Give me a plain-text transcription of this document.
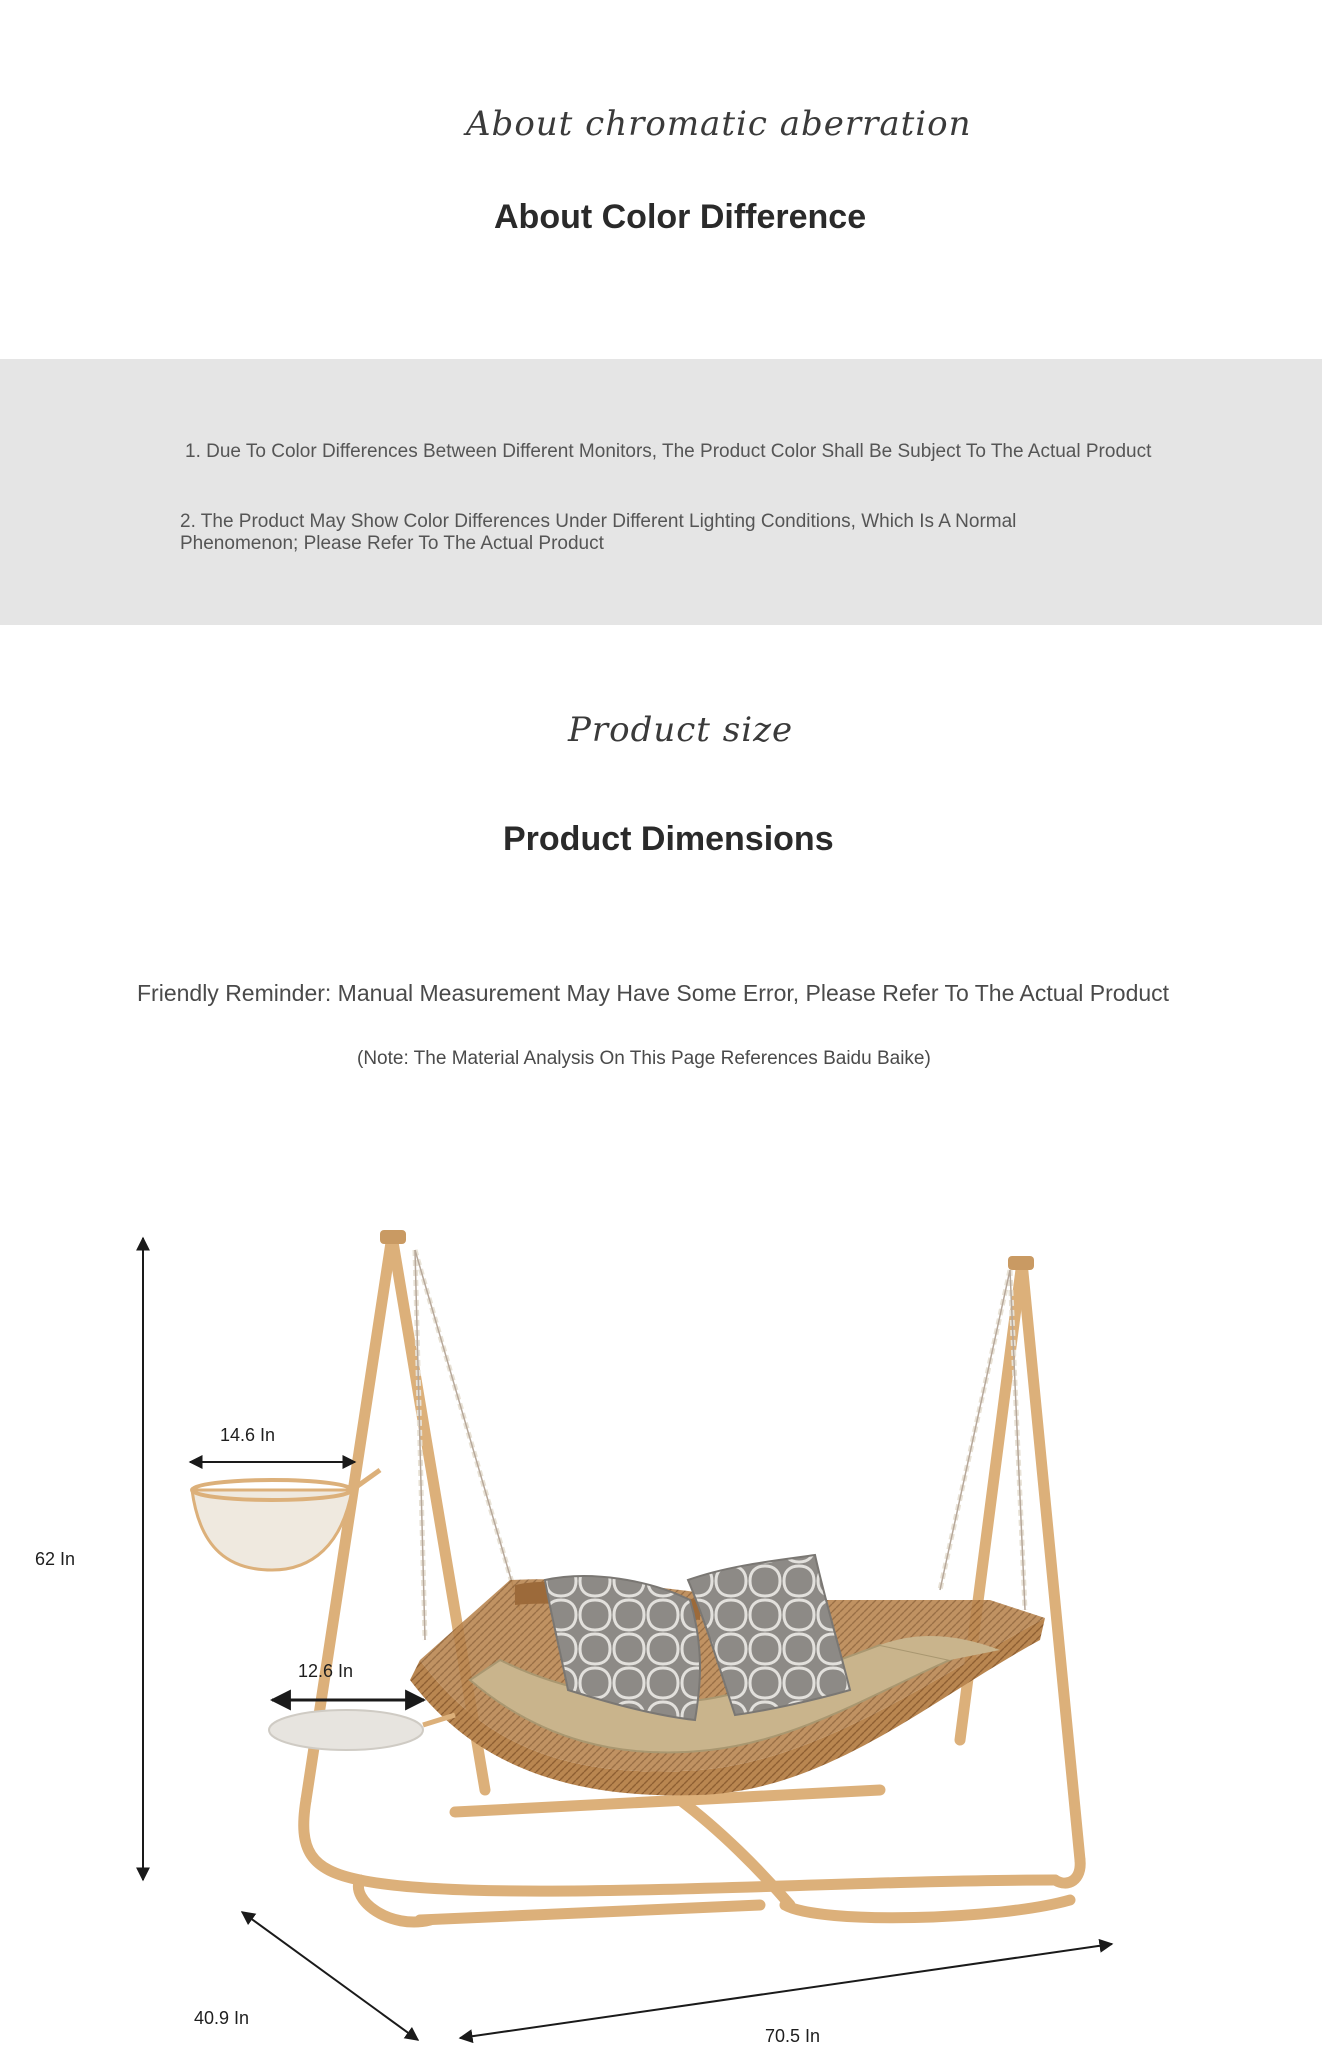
About chromatic aberration
About Color Difference
1. Due To Color Differences Between Different Monitors, The Product Color Shall Be Subject To The Actual Product
2. The Product May Show Color Differences Under Different Lighting Conditions, Which Is A Normal Phenomenon; Please Refer To The Actual Product
Product size
Product Dimensions
Friendly Reminder: Manual Measurement May Have Some Error, Please Refer To The Actual Product
(Note: The Material Analysis On This Page References Baidu Baike)
62 In
14.6 In
12.6 In
40.9 In
70.5 In
